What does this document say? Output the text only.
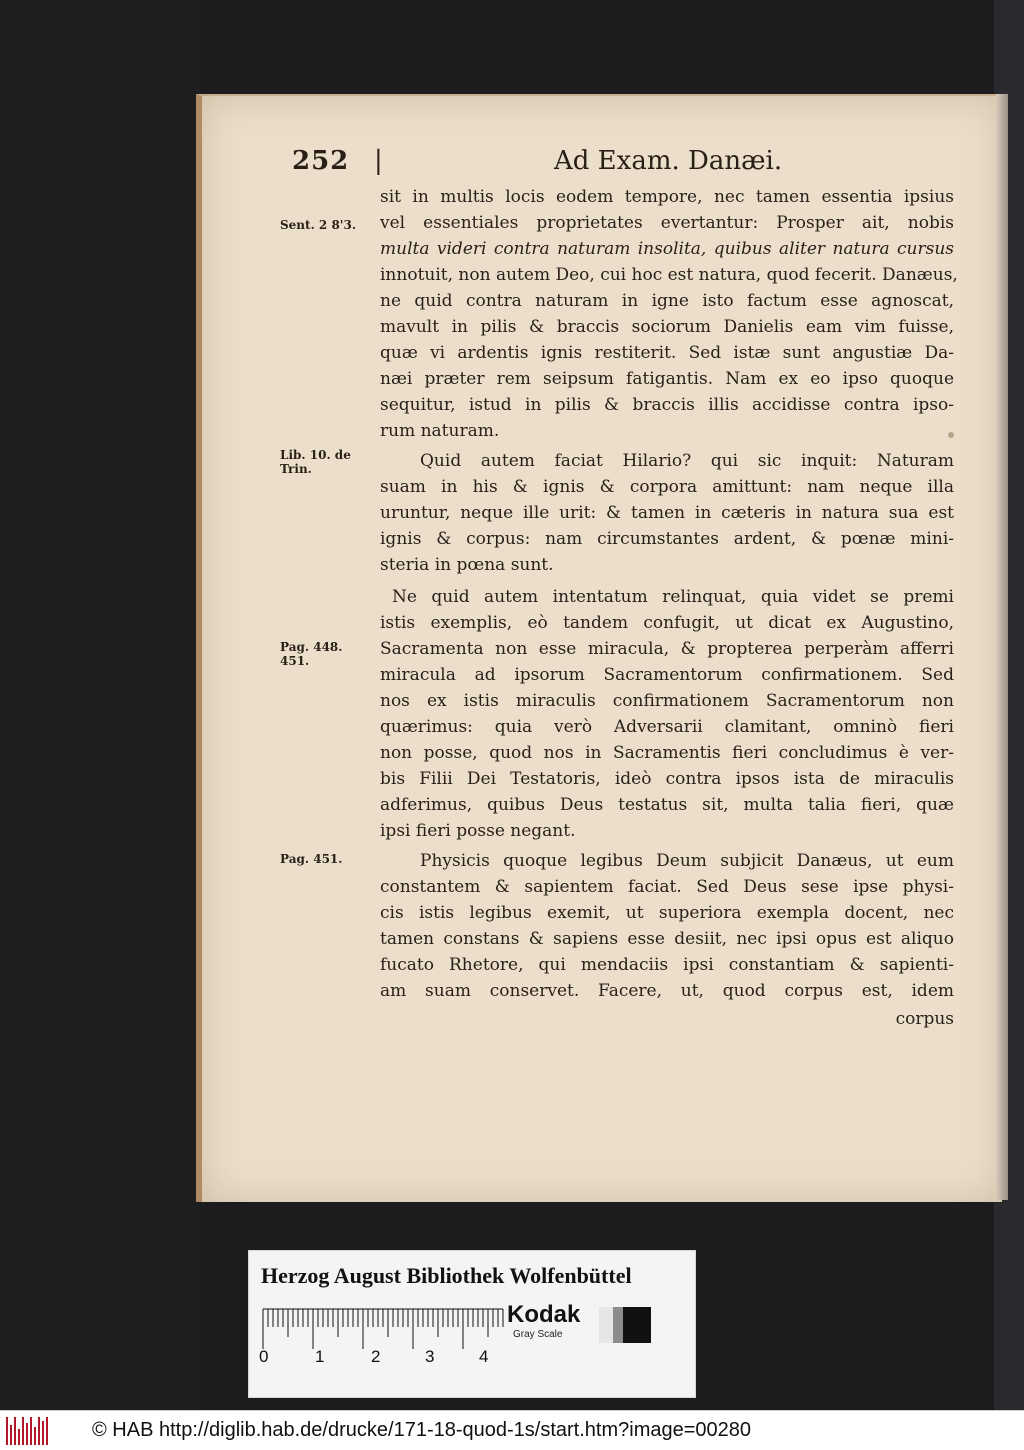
252 |	Ad Exam. Danæi.
Sent. 2 8'3.
Lib. 10. de Trin.
Pag. 448. 451.
Pag. 451.
sit in multis locis eodem tempore, nec tamen essentia ipsius
vel essentiales proprietates evertantur: Prosper ait, nobis
multa videri contra naturam insolita, quibus aliter natura cursus
innotuit, non autem Deo, cui hoc est natura, quod fecerit. Danæus,
ne quid contra naturam in igne isto factum esse agnoscat,
mavult in pilis & braccis sociorum Danielis eam vim fuisse,
quæ vi ardentis ignis restiterit. Sed istæ sunt angustiæ Da-
næi præter rem seipsum fatigantis. Nam ex eo ipso quoque
sequitur, istud in pilis & braccis illis accidisse contra ipso-
rum naturam.
Quid autem faciat Hilario? qui sic inquit: Naturam
suam in his & ignis & corpora amittunt: nam neque illa
uruntur, neque ille urit: & tamen in cæteris in natura sua est
ignis & corpus: nam circumstantes ardent, & pœnæ mini-
steria in pœna sunt.
Ne quid autem intentatum relinquat, quia videt se premi
istis exemplis, eò tandem confugit, ut dicat ex Augustino,
Sacramenta non esse miracula, & propterea perperàm afferri
miracula ad ipsorum Sacramentorum confirmationem. Sed
nos ex istis miraculis confirmationem Sacramentorum non
quærimus: quia verò Adversarii clamitant, omninò fieri
non posse, quod nos in Sacramentis fieri concludimus è ver-
bis Filii Dei Testatoris, ideò contra ipsos ista de miraculis
adferimus, quibus Deus testatus sit, multa talia fieri, quæ
ipsi fieri posse negant.
Physicis quoque legibus Deum subjicit Danæus, ut eum
constantem & sapientem faciat. Sed Deus sese ipse physi-
cis istis legibus exemit, ut superiora exempla docent, nec
tamen constans & sapiens esse desiit, nec ipsi opus est aliquo
fucato Rhetore, qui mendaciis ipsi constantiam & sapienti-
am suam conservet. Facere, ut, quod corpus est, idem
corpus
Herzog August Bibliothek Wolfenbüttel
0	1	2	3	4
Kodak
Gray Scale
© HAB http://diglib.hab.de/drucke/171-18-quod-1s/start.htm?image=00280
